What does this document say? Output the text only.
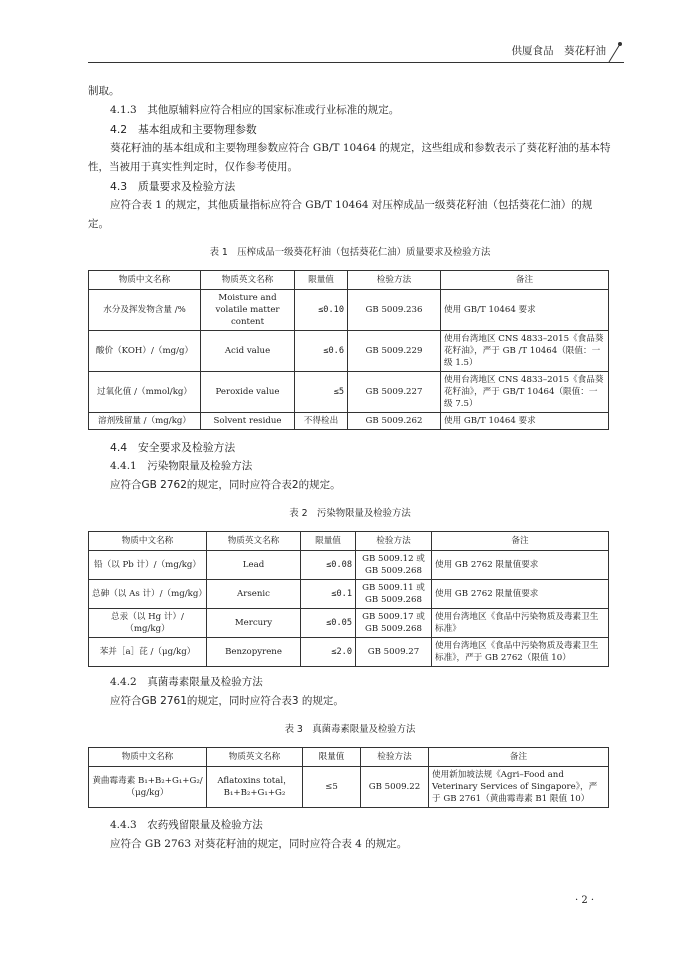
供厦食品　葵花籽油

制取。

4.1.3　其他原辅料应符合相应的国家标准或行业标准的规定。

4.2　基本组成和主要物理参数

葵花籽油的基本组成和主要物理参数应符合 GB/T 10464 的规定，这些组成和参数表示了葵花籽油的基本特性，当被用于真实性判定时，仅作参考使用。

4.3　质量要求及检验方法

应符合表 1 的规定，其他质量指标应符合 GB/T 10464 对压榨成品一级葵花籽油（包括葵花仁油）的规定。

表 1　压榨成品一级葵花籽油（包括葵花仁油）质量要求及检验方法
物质中文名称	物质英文名称	限量值	检验方法	备注
水分及挥发物含量 /%	Moisture and volatile matter content	≤0.10	GB 5009.236	使用 GB/T 10464 要求
酸价（KOH）/（mg/g）	Acid value	≤0.6	GB 5009.229	使用台湾地区 CNS 4833–2015《食品葵花籽油》，严于 GB /T 10464（限值：一级 1.5）
过氧化值 /（mmol/kg）	Peroxide value	≤5	GB 5009.227	使用台湾地区 CNS 4833–2015《食品葵花籽油》，严于 GB/T 10464（限值：一级 7.5）
溶剂残留量 /（mg/kg）	Solvent residue	不得检出	GB 5009.262	使用 GB/T 10464 要求

4.4　安全要求及检验方法

4.4.1　污染物限量及检验方法

应符合GB 2762的规定，同时应符合表2的规定。

表 2　污染物限量及检验方法
物质中文名称	物质英文名称	限量值	检验方法	备注
铅（以 Pb 计）/（mg/kg）	Lead	≤0.08	GB 5009.12 或 GB 5009.268	使用 GB 2762 限量值要求
总砷（以 As 计）/（mg/kg）	Arsenic	≤0.1	GB 5009.11 或 GB 5009.268	使用 GB 2762 限量值要求
总汞（以 Hg 计）/（mg/kg）	Mercury	≤0.05	GB 5009.17 或 GB 5009.268	使用台湾地区《食品中污染物质及毒素卫生标准》
苯并［a］芘 /（μg/kg）	Benzopyrene	≤2.0	GB 5009.27	使用台湾地区《食品中污染物质及毒素卫生标准》，严于 GB 2762（限值 10）

4.4.2　真菌毒素限量及检验方法

应符合GB 2761的规定，同时应符合表3 的规定。

表 3　真菌毒素限量及检验方法
物质中文名称	物质英文名称	限量值	检验方法	备注
黄曲霉毒素 B₁+B₂+G₁+G₂/（μg/kg）	Aflatoxins total，B₁+B₂+G₁+G₂	≤5	GB 5009.22	使用新加坡法规《Agri–Food and Veterinary Services of Singapore》，严于 GB 2761（黄曲霉毒素 B1 限值 10）

4.4.3　农药残留限量及检验方法

应符合 GB 2763 对葵花籽油的规定，同时应符合表 4 的规定。

· 2 ·
